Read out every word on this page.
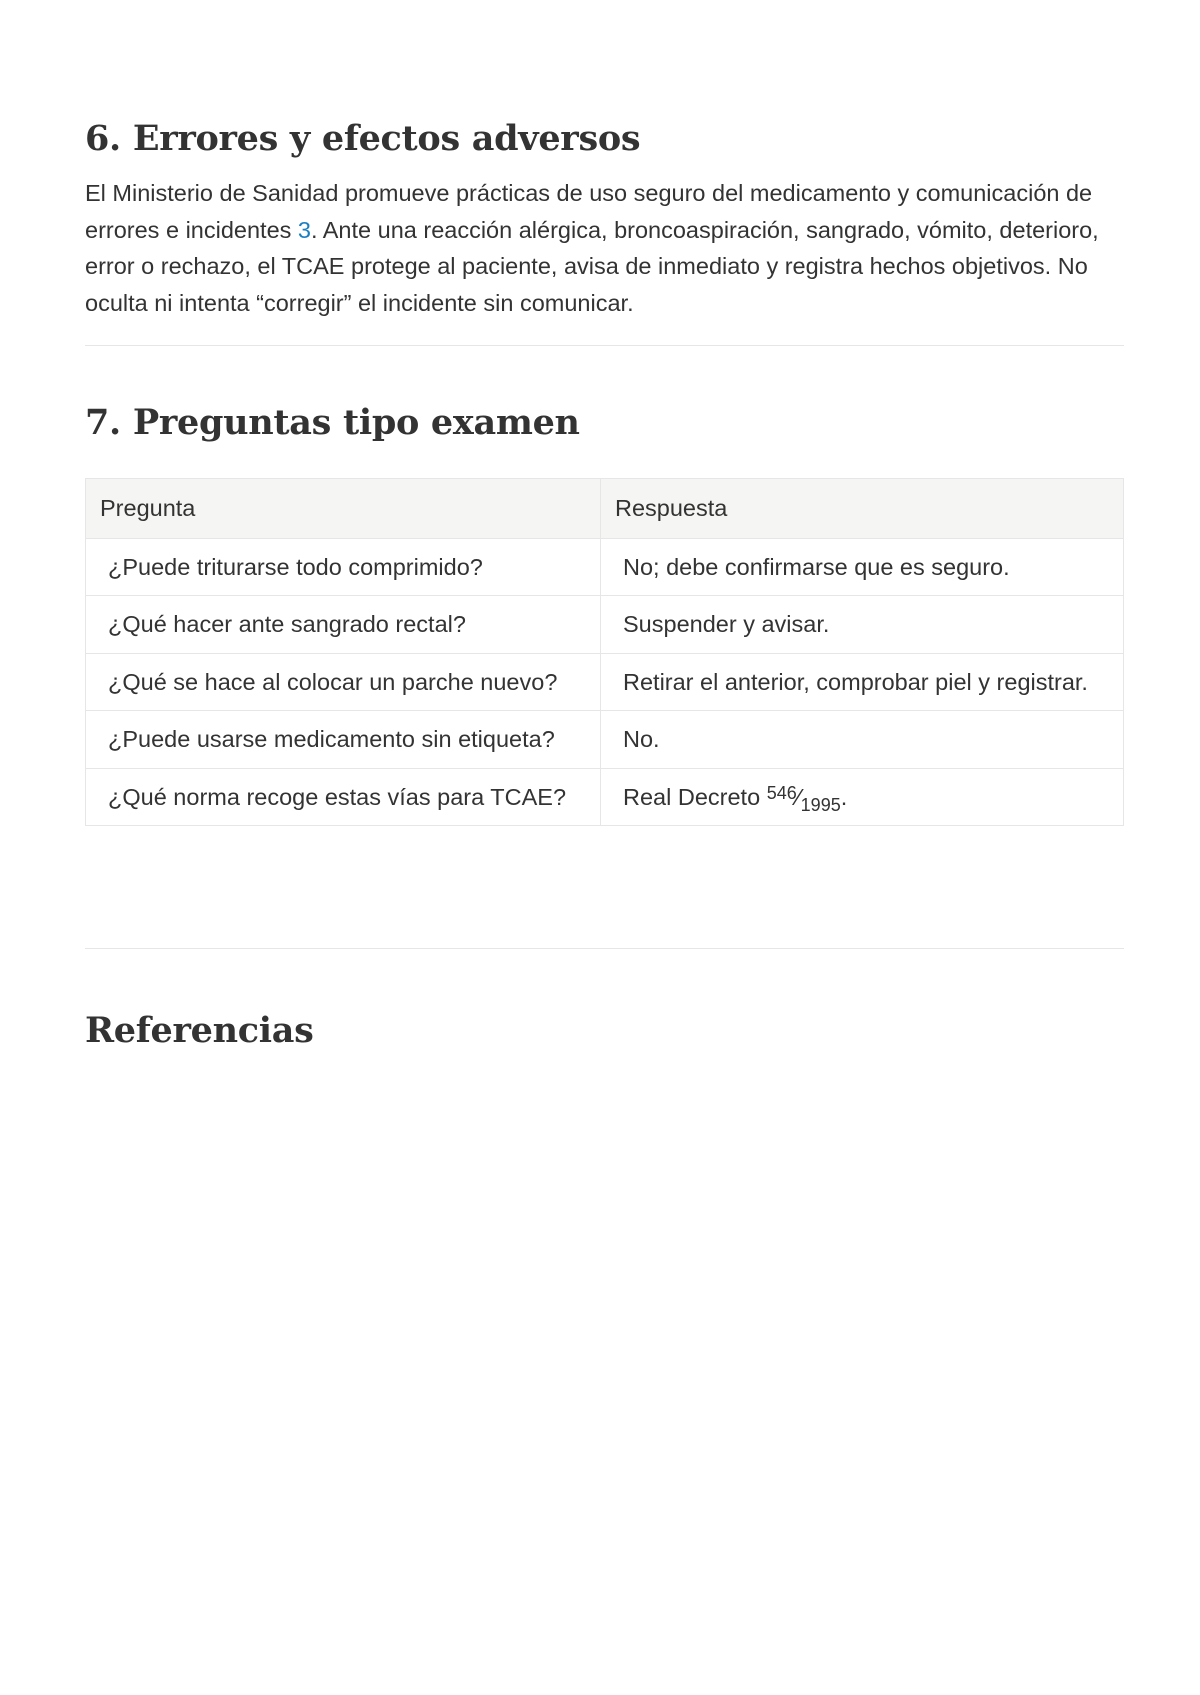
6. Errores y efectos adversos

El Ministerio de Sanidad promueve prácticas de uso seguro del medicamento y comunicación de errores e incidentes 3. Ante una reacción alérgica, broncoaspiración, sangrado, vómito, deterioro, error o rechazo, el TCAE protege al paciente, avisa de inmediato y registra hechos objetivos. No oculta ni intenta “corregir” el incidente sin comunicar.

7. Preguntas tipo examen
Pregunta	Respuesta
¿Puede triturarse todo comprimido?	No; debe confirmarse que es seguro.
¿Qué hacer ante sangrado rectal?	Suspender y avisar.
¿Qué se hace al colocar un parche nuevo?	Retirar el anterior, comprobar piel y registrar.
¿Puede usarse medicamento sin etiqueta?	No.
¿Qué norma recoge estas vías para TCAE?	Real Decreto $^{546}⁄_{1995}$.
Referencias
